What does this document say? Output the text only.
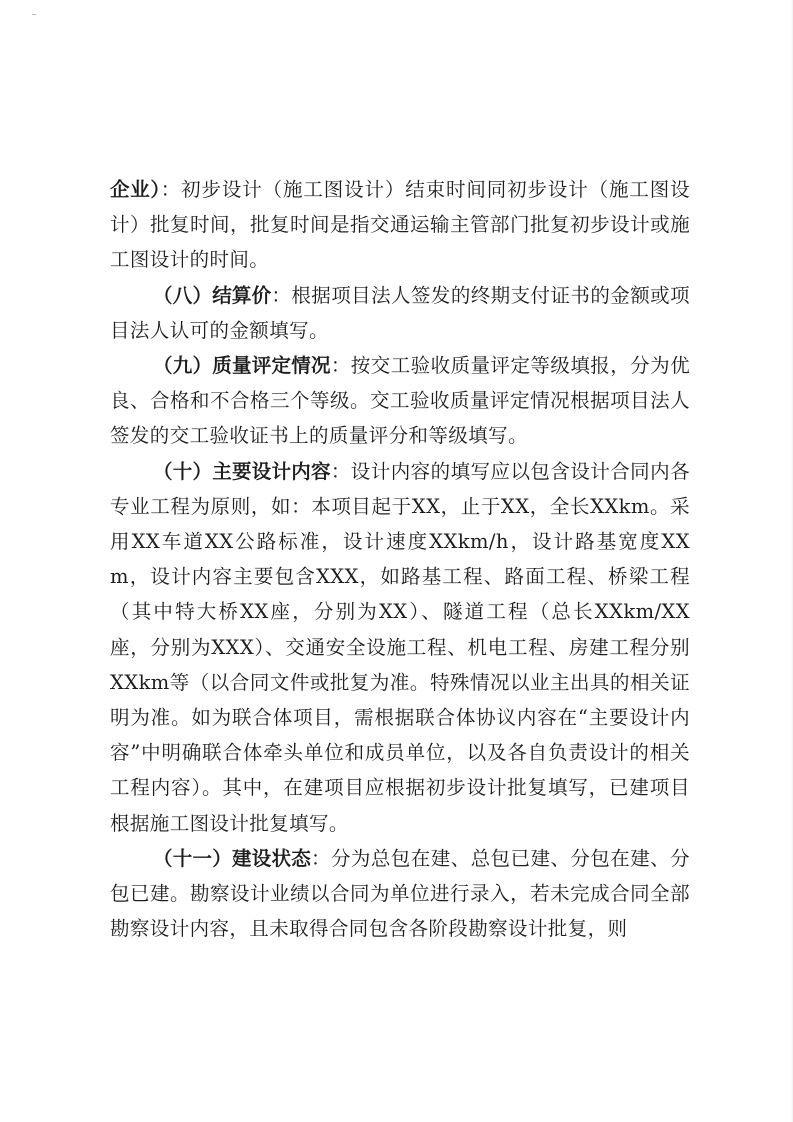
企业）：初步设计（施工图设计）结束时间同初步设计（施工图设计）批复时间，批复时间是指交通运输主管部门批复初步设计或施工图设计的时间。

（八）结算价：根据项目法人签发的终期支付证书的金额或项目法人认可的金额填写。

（九）质量评定情况：按交工验收质量评定等级填报，分为优良、合格和不合格三个等级。交工验收质量评定情况根据项目法人签发的交工验收证书上的质量评分和等级填写。

（十）主要设计内容：设计内容的填写应以包含设计合同内各专业工程为原则，如：本项目起于XX，止于XX，全长XXkm。采用XX车道XX公路标准，设计速度XXkm/h，设计路基宽度XXm，设计内容主要包含XXX，如路基工程、路面工程、桥梁工程（其中特大桥XX座，分别为XX）、隧道工程（总长XXkm/XX座，分别为XXX）、交通安全设施工程、机电工程、房建工程分别XXkm等（以合同文件或批复为准。特殊情况以业主出具的相关证明为准。如为联合体项目，需根据联合体协议内容在“主要设计内容”中明确联合体牵头单位和成员单位，以及各自负责设计的相关工程内容）。其中，在建项目应根据初步设计批复填写，已建项目根据施工图设计批复填写。

（十一）建设状态：分为总包在建、总包已建、分包在建、分包已建。勘察设计业绩以合同为单位进行录入，若未完成合同全部勘察设计内容，且未取得合同包含各阶段勘察设计批复，则
